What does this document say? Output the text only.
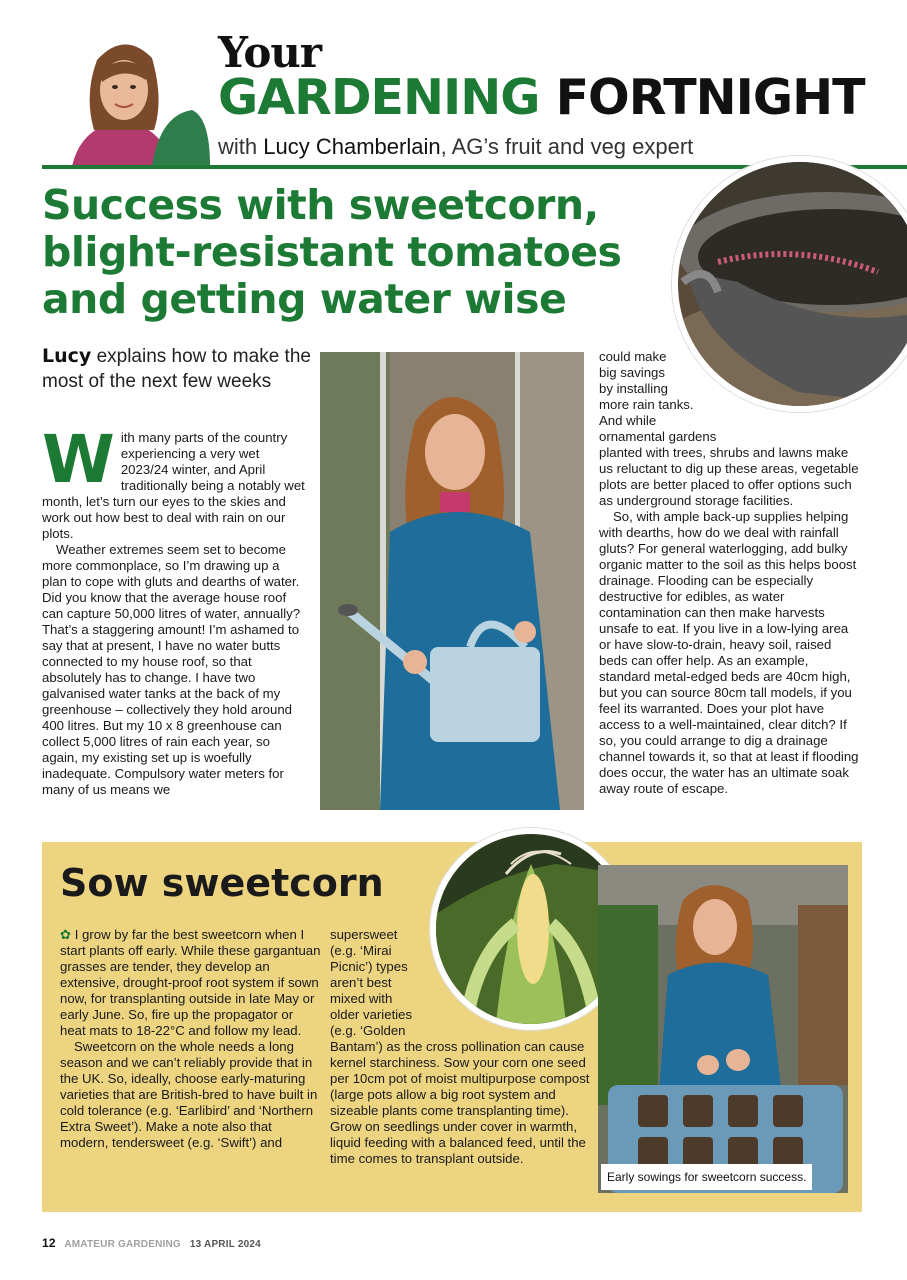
Your
GARDENING FORTNIGHT
with Lucy Chamberlain, AG’s fruit and veg expert
Success with sweetcorn, blight-resistant tomatoes and getting water wise
Lucy explains how to make the most of the next few weeks

With many parts of the country experiencing a very wet 2023/24 winter, and April traditionally being a notably wet month, let’s turn our eyes to the skies and work out how best to deal with rain on our plots.

Weather extremes seem set to become more commonplace, so I’m drawing up a plan to cope with gluts and dearths of water. Did you know that the average house roof can capture 50,000 litres of water, annually? That’s a staggering amount! I’m ashamed to say that at present, I have no water butts connected to my house roof, so that absolutely has to change. I have two galvanised water tanks at the back of my greenhouse – collectively they hold around 400 litres. But my 10 x 8 greenhouse can collect 5,000 litres of rain each year, so again, my existing set up is woefully inadequate. Compulsory water meters for many of us means we

could make
big savings
by installing
more rain tanks.
And while
ornamental gardens
planted with trees, shrubs and lawns make us reluctant to dig up these areas, vegetable plots are better placed to offer options such as underground storage facilities.

So, with ample back-up supplies helping with dearths, how do we deal with rainfall gluts? For general waterlogging, add bulky organic matter to the soil as this helps boost drainage. Flooding can be especially destructive for edibles, as water contamination can then make harvests unsafe to eat. If you live in a low-lying area or have slow-to-drain, heavy soil, raised beds can offer help. As an example, standard metal-edged beds are 40cm high, but you can source 80cm tall models, if you feel its warranted. Does your plot have access to a well-maintained, clear ditch? If so, you could arrange to dig a drainage channel towards it, so that at least if flooding does occur, the water has an ultimate soak away route of escape.

Sow sweetcorn

✿ I grow by far the best sweetcorn when I start plants off early. While these gargantuan grasses are tender, they develop an extensive, drought-proof root system if sown now, for transplanting outside in late May or early June. So, fire up the propagator or heat mats to 18-22°C and follow my lead.

Sweetcorn on the whole needs a long season and we can’t reliably provide that in the UK. So, ideally, choose early-maturing varieties that are British-bred to have built in cold tolerance (e.g. ‘Earlibird’ and ‘Northern Extra Sweet’). Make a note also that modern, tendersweet (e.g. ‘Swift’) and

supersweet
(e.g. ‘Mirai
Picnic’) types
aren’t best
mixed with
older varieties
(e.g. ‘Golden
Bantam’) as the cross pollination can cause kernel starchiness. Sow your corn one seed per 10cm pot of moist multipurpose compost (large pots allow a big root system and sizeable plants come transplanting time). Grow on seedlings under cover in warmth, liquid feeding with a balanced feed, until the time comes to transplant outside.

Early sowings for sweetcorn success.
12 AMATEUR GARDENING 13 APRIL 2024
